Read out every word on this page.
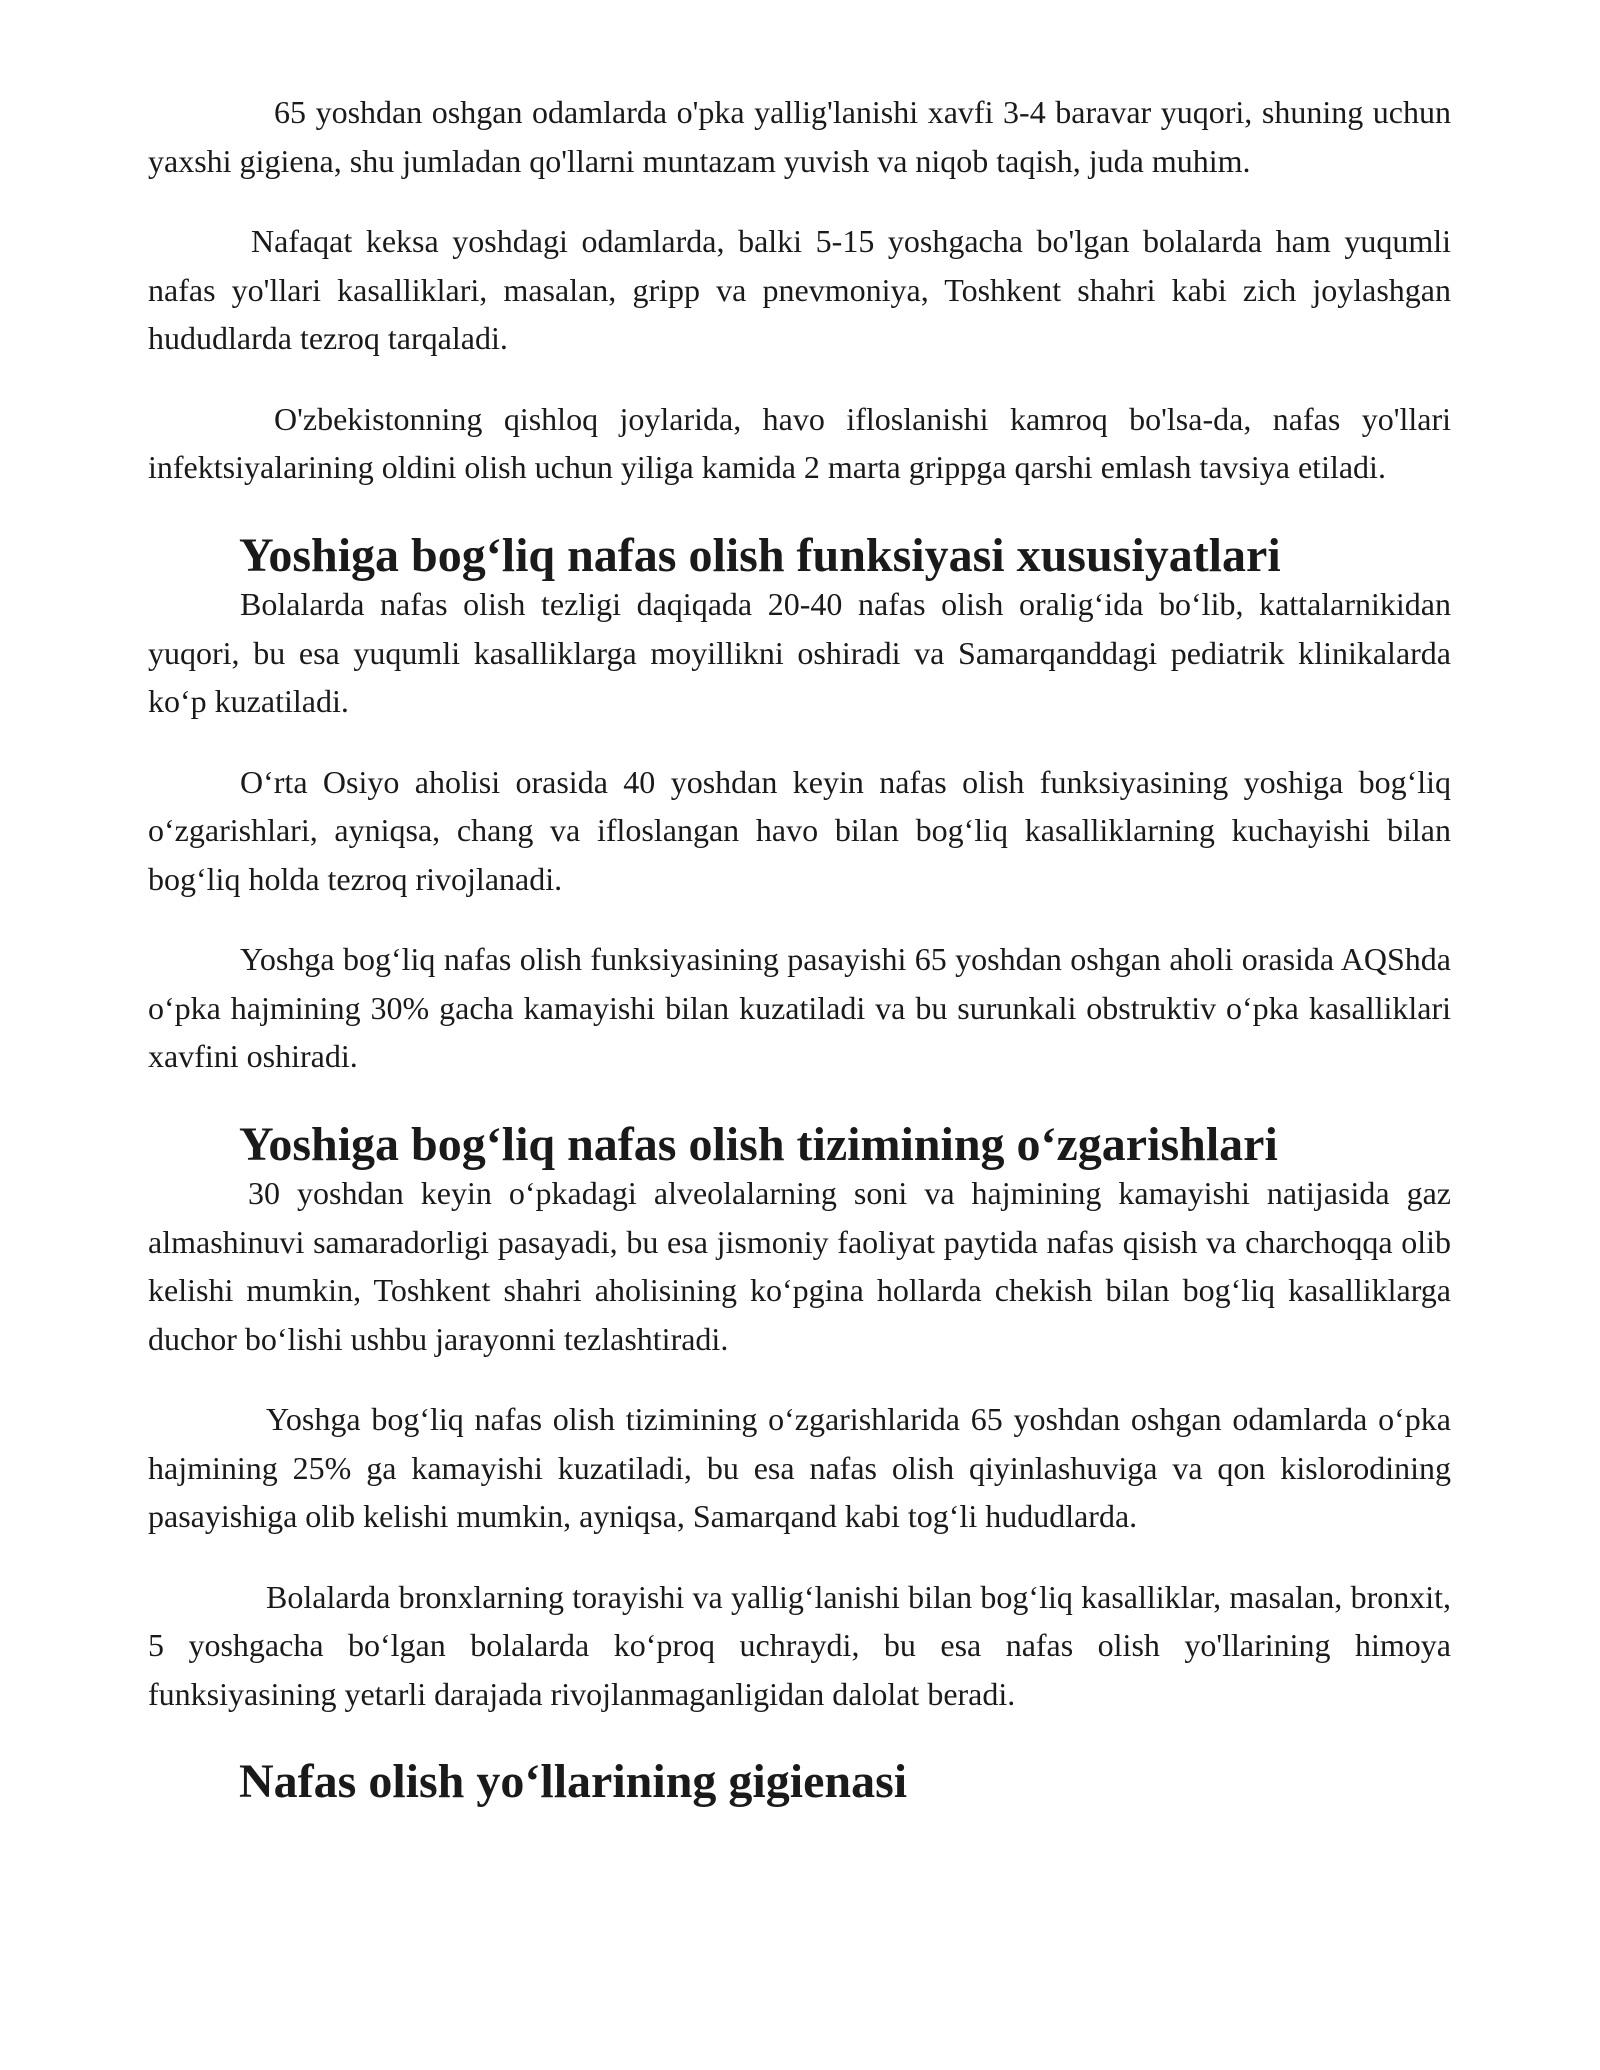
65 yoshdan oshgan odamlarda o'pka yallig'lanishi xavfi 3-4 baravar yuqori, shuning uchun yaxshi gigiena, shu jumladan qo'llarni muntazam yuvish va niqob taqish, juda muhim.

Nafaqat keksa yoshdagi odamlarda, balki 5-15 yoshgacha bo'lgan bolalarda ham yuqumli nafas yo'llari kasalliklari, masalan, gripp va pnevmoniya, Toshkent shahri kabi zich joylashgan hududlarda tezroq tarqaladi.

O'zbekistonning qishloq joylarida, havo ifloslanishi kamroq bo'lsa-da, nafas yo'llari infektsiyalarining oldini olish uchun yiliga kamida 2 marta grippga qarshi emlash tavsiya etiladi.

Yoshiga bog‘liq nafas olish funksiyasi xususiyatlari

Bolalarda nafas olish tezligi daqiqada 20-40 nafas olish oralig‘ida bo‘lib, kattalarnikidan yuqori, bu esa yuqumli kasalliklarga moyillikni oshiradi va Samarqanddagi pediatrik klinikalarda ko‘p kuzatiladi.

O‘rta Osiyo aholisi orasida 40 yoshdan keyin nafas olish funksiyasining yoshiga bog‘liq o‘zgarishlari, ayniqsa, chang va ifloslangan havo bilan bog‘liq kasalliklarning kuchayishi bilan bog‘liq holda tezroq rivojlanadi.

Yoshga bog‘liq nafas olish funksiyasining pasayishi 65 yoshdan oshgan aholi orasida AQShda o‘pka hajmining 30% gacha kamayishi bilan kuzatiladi va bu surunkali obstruktiv o‘pka kasalliklari xavfini oshiradi.

Yoshiga bog‘liq nafas olish tizimining o‘zgarishlari

30 yoshdan keyin o‘pkadagi alveolalarning soni va hajmining kamayishi natijasida gaz almashinuvi samaradorligi pasayadi, bu esa jismoniy faoliyat paytida nafas qisish va charchoqqa olib kelishi mumkin, Toshkent shahri aholisining ko‘pgina hollarda chekish bilan bog‘liq kasalliklarga duchor bo‘lishi ushbu jarayonni tezlashtiradi.

Yoshga bog‘liq nafas olish tizimining o‘zgarishlarida 65 yoshdan oshgan odamlarda o‘pka hajmining 25% ga kamayishi kuzatiladi, bu esa nafas olish qiyinlashuviga va qon kislorodining pasayishiga olib kelishi mumkin, ayniqsa, Samarqand kabi tog‘li hududlarda.

Bolalarda bronxlarning torayishi va yallig‘lanishi bilan bog‘liq kasalliklar, masalan, bronxit, 5 yoshgacha bo‘lgan bolalarda ko‘proq uchraydi, bu esa nafas olish yo'llarining himoya funksiyasining yetarli darajada rivojlanmaganligidan dalolat beradi.

Nafas olish yo‘llarining gigienasi
